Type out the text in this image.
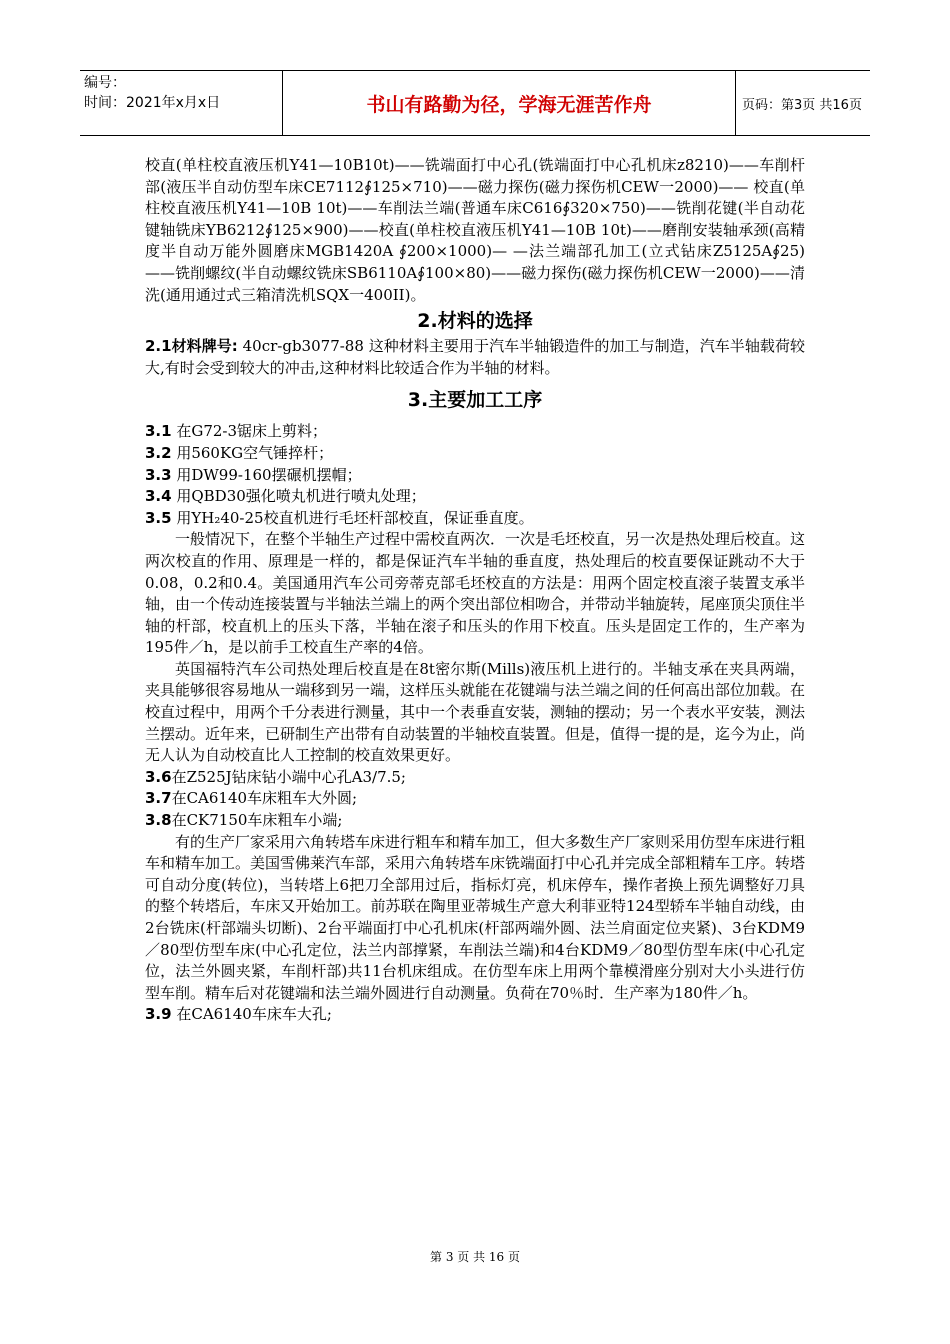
编号：
时间：2021年x月x日	书山有路勤为径，学海无涯苦作舟	页码：第3页 共16页

校直(单柱校直液压机Y41—10B10t)——铣端面打中心孔(铣端面打中心孔机床z8210)——车削杆部(液压半自动仿型车床CE7112∮125×710)——磁力探伤(磁力探伤机CEW一2000)—— 校直(单柱校直液压机Y41—10B 10t)——车削法兰端(普通车床C616∮320×750)——铣削花键(半自动花键轴铣床YB6212∮125×900)——校直(单柱校直液压机Y41—10B 10t)——磨削安装轴承颈(高精度半自动万能外圆磨床MGB1420A ∮200×1000)— —法兰端部孔加工(立式钻床Z5125A∮25)——铣削螺纹(半自动螺纹铣床SB6110A∮100×80)——磁力探伤(磁力探伤机CEW一2000)——清洗(通用通过式三箱清洗机SQX一400II)。

2.材料的选择

2.1材料牌号: 40cr-gb3077-88 这种材料主要用于汽车半轴锻造件的加工与制造，汽车半轴载荷较大,有时会受到较大的冲击,这种材料比较适合作为半轴的材料。

3.主要加工工序

3.1 在G72-3锯床上剪料；

3.2 用560KG空气锤捽杆；

3.3 用DW99-160摆碾机摆帽；

3.4 用QBD30强化喷丸机进行喷丸处理；

3.5 用YH₂40-25校直机进行毛坯杆部校直，保证垂直度。

一般情况下，在整个半轴生产过程中需校直两次．一次是毛坯校直，另一次是热处理后校直。这两次校直的作用、原理是一样的，都是保证汽车半轴的垂直度，热处理后的校直要保证跳动不大于0.08，0.2和0.4。美国通用汽车公司旁蒂克部毛坯校直的方法是：用两个固定校直滚子装置支承半轴，由一个传动连接装置与半轴法兰端上的两个突出部位相吻合，并带动半轴旋转，尾座顶尖顶住半轴的杆部，校直机上的压头下落，半轴在滚子和压头的作用下校直。压头是固定工作的，生产率为195件／h，是以前手工校直生产率的4倍。

英国福特汽车公司热处理后校直是在8t密尔斯(Mills)液压机上进行的。半轴支承在夹具两端，夹具能够很容易地从一端移到另一端，这样压头就能在花键端与法兰端之间的任何高出部位加载。在校直过程中，用两个千分表进行测量，其中一个表垂直安装，测轴的摆动；另一个表水平安装，测法兰摆动。近年来，已研制生产出带有自动装置的半轴校直装置。但是，值得一提的是，迄今为止，尚无人认为自动校直比人工控制的校直效果更好。

3.6在Z525J钻床钻小端中心孔A3/7.5;

3.7在CA6140车床粗车大外圆;

3.8在CK7150车床粗车小端;

有的生产厂家采用六角转塔车床进行粗车和精车加工，但大多数生产厂家则采用仿型车床进行粗车和精车加工。美国雪佛莱汽车部，采用六角转塔车床铣端面打中心孔并完成全部粗精车工序。转塔可自动分度(转位)，当转塔上6把刀全部用过后，指标灯亮，机床停车，操作者换上预先调整好刀具的整个转塔后，车床又开始加工。前苏联在陶里亚蒂城生产意大利菲亚特124型轿车半轴自动线，由2台铣床(杆部端头切断)、2台平端面打中心孔机床(杆部两端外圆、法兰肩面定位夹紧)、3台KDM9／80型仿型车床(中心孔定位，法兰内部撑紧，车削法兰端)和4台KDM9／80型仿型车床(中心孔定位，法兰外圆夹紧，车削杆部)共11台机床组成。在仿型车床上用两个靠模滑座分别对大小头进行仿型车削。精车后对花键端和法兰端外圆进行自动测量。负荷在70％时．生产率为180件／h。

3.9 在CA6140车床车大孔;

第 3 页 共 16 页
